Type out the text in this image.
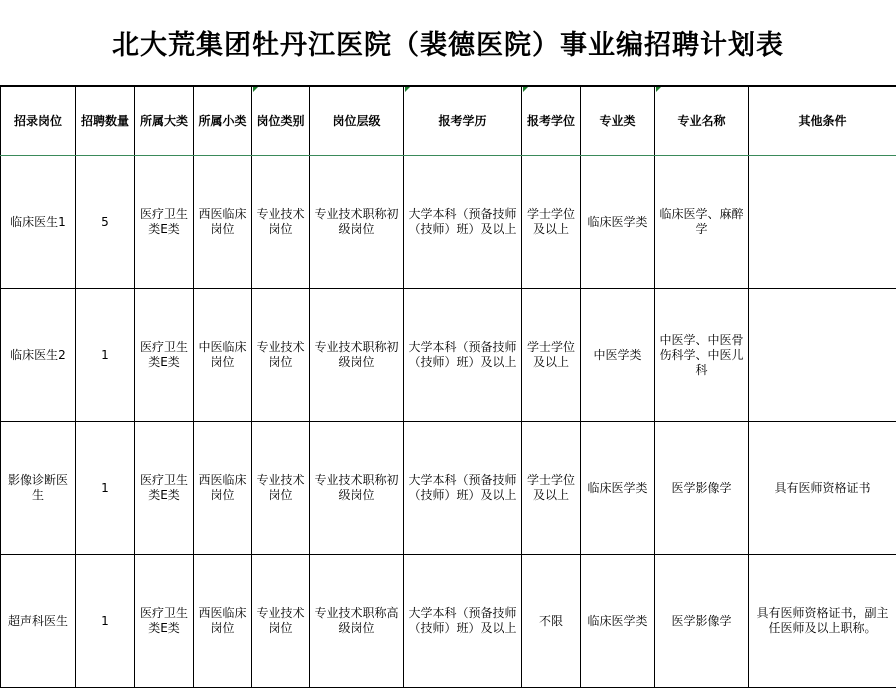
北大荒集团牡丹江医院（裴德医院）事业编招聘计划表
招录岗位	招聘数量	所属大类	所属小类	岗位类别	岗位层级	报考学历	报考学位	专业类	专业名称	其他条件
临床医生1	5	医疗卫生类E类	西医临床岗位	专业技术岗位	专业技术职称初级岗位	大学本科（预备技师（技师）班）及以上	学士学位及以上	临床医学类	临床医学、麻醉学	
临床医生2	1	医疗卫生类E类	中医临床岗位	专业技术岗位	专业技术职称初级岗位	大学本科（预备技师（技师）班）及以上	学士学位及以上	中医学类	中医学、中医骨伤科学、中医儿科	
影像诊断医生	1	医疗卫生类E类	西医临床岗位	专业技术岗位	专业技术职称初级岗位	大学本科（预备技师（技师）班）及以上	学士学位及以上	临床医学类	医学影像学	具有医师资格证书
超声科医生	1	医疗卫生类E类	西医临床岗位	专业技术岗位	专业技术职称高级岗位	大学本科（预备技师（技师）班）及以上	不限	临床医学类	医学影像学	具有医师资格证书，副主任医师及以上职称。
